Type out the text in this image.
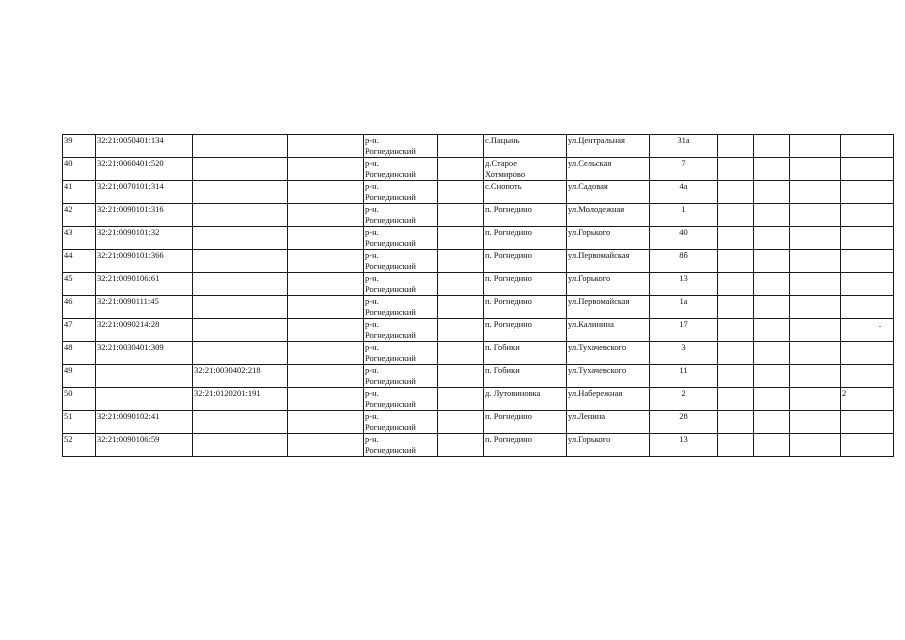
39	32:21:0050401:134			р-н.
Рогнединский		с.Пацынь	ул.Центральная	31а				
40	32:21:0060401:520			р-н.
Рогнединский		д.Старое
Хотмирово	ул.Сельская	7				
41	32:21:0070101:314			р-н.
Рогнединский		с.Снопоть	ул.Садовая	4а				
42	32:21:0090101:316			р-н.
Рогнединский		п. Рогнедино	ул.Молодежная	1				
43	32:21:0090101:32			р-н.
Рогнединский		п. Рогнедино	ул.Горького	40				
44	32:21:0090101:366			р-н.
Рогнединский		п. Рогнедино	ул.Первомайская	8б				
45	32:21:0090106:61			р-н.
Рогнединский		п. Рогнедино	ул.Горького	13				
46	32:21:0090111:45			р-н.
Рогнединский		п. Рогнедино	ул.Первомайская	1а				
47	32:21:0090214:28			р-н.
Рогнединский		п. Рогнедино	ул.Калинина	17				
48	32:21:0030401:309			р-н.
Рогнединский		п. Гобики	ул.Тухачевского	3				
49		32:21:0030402:218		р-н.
Рогнединский		п. Гобики	ул.Тухачевского	11				
50		32:21:0120201:191		р-н.
Рогнединский		д. Лутовиновка	ул.Набережная	2				2
51	32:21:0090102:41			р-н.
Рогнединский		п. Рогнедино	ул.Ленина	28				
52	32:21:0090106:59			р-н.
Рогнединский		п. Рогнедино	ул.Горького	13				
